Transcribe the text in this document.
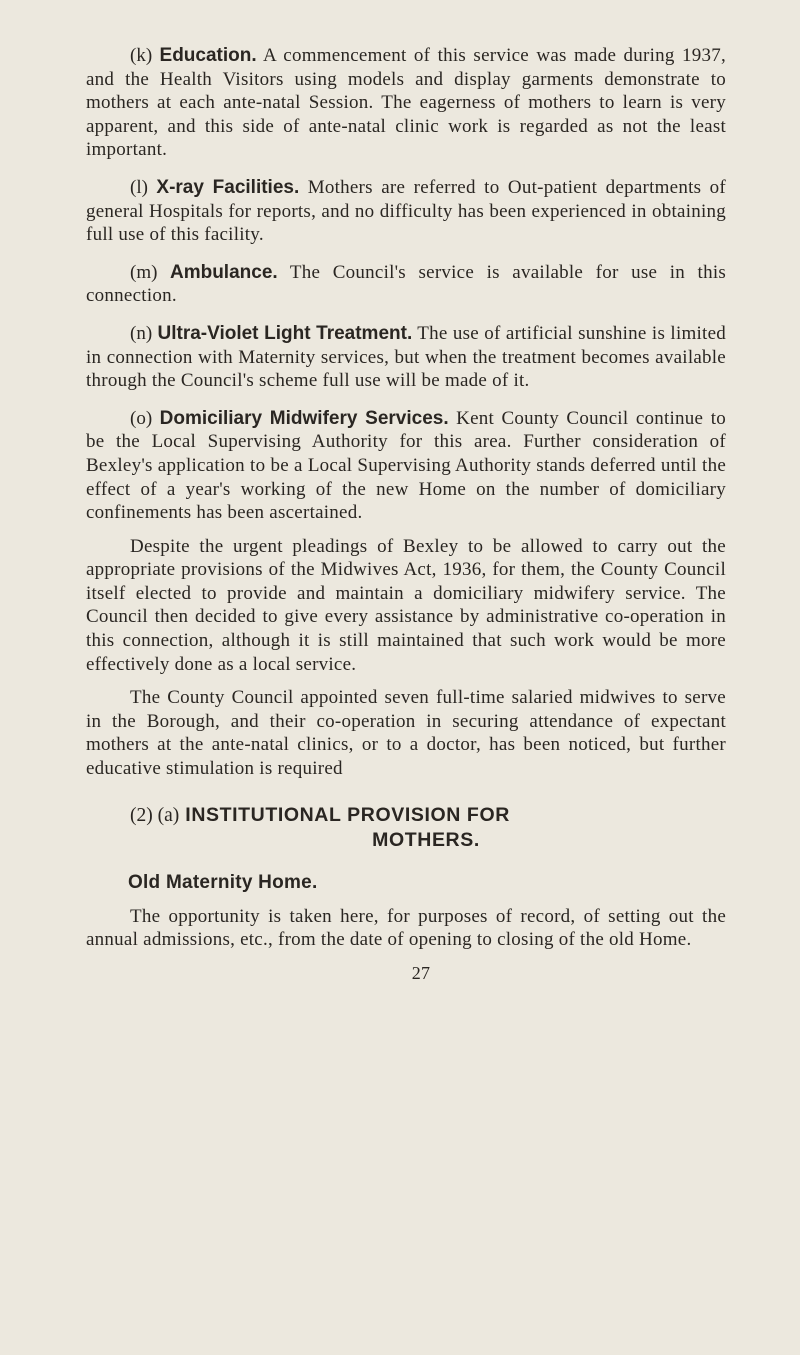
(k) Education. A commencement of this service was made during 1937, and the Health Visitors using models and display garments demonstrate to mothers at each ante-natal Session. The eagerness of mothers to learn is very apparent, and this side of ante-natal clinic work is regarded as not the least important.

(l) X-ray Facilities. Mothers are referred to Out-patient departments of general Hospitals for reports, and no difficulty has been experienced in obtaining full use of this facility.

(m) Ambulance. The Council's service is available for use in this connection.

(n) Ultra-Violet Light Treatment. The use of artificial sunshine is limited in connection with Maternity services, but when the treatment becomes available through the Council's scheme full use will be made of it.

(o) Domiciliary Midwifery Services. Kent County Council continue to be the Local Supervising Authority for this area. Further consideration of Bexley's application to be a Local Supervising Authority stands deferred until the effect of a year's working of the new Home on the number of domiciliary confinements has been ascertained.

Despite the urgent pleadings of Bexley to be allowed to carry out the appropriate provisions of the Midwives Act, 1936, for them, the County Council itself elected to provide and maintain a domiciliary midwifery service. The Council then decided to give every assistance by administrative co-operation in this connection, although it is still maintained that such work would be more effectively done as a local service.

The County Council appointed seven full-time salaried midwives to serve in the Borough, and their co-operation in securing attendance of expectant mothers at the ante-natal clinics, or to a doctor, has been noticed, but further educative stimulation is required

(2) (a) INSTITUTIONAL PROVISION FOR

MOTHERS.

Old Maternity Home.

The opportunity is taken here, for purposes of record, of setting out the annual admissions, etc., from the date of opening to closing of the old Home.

27
